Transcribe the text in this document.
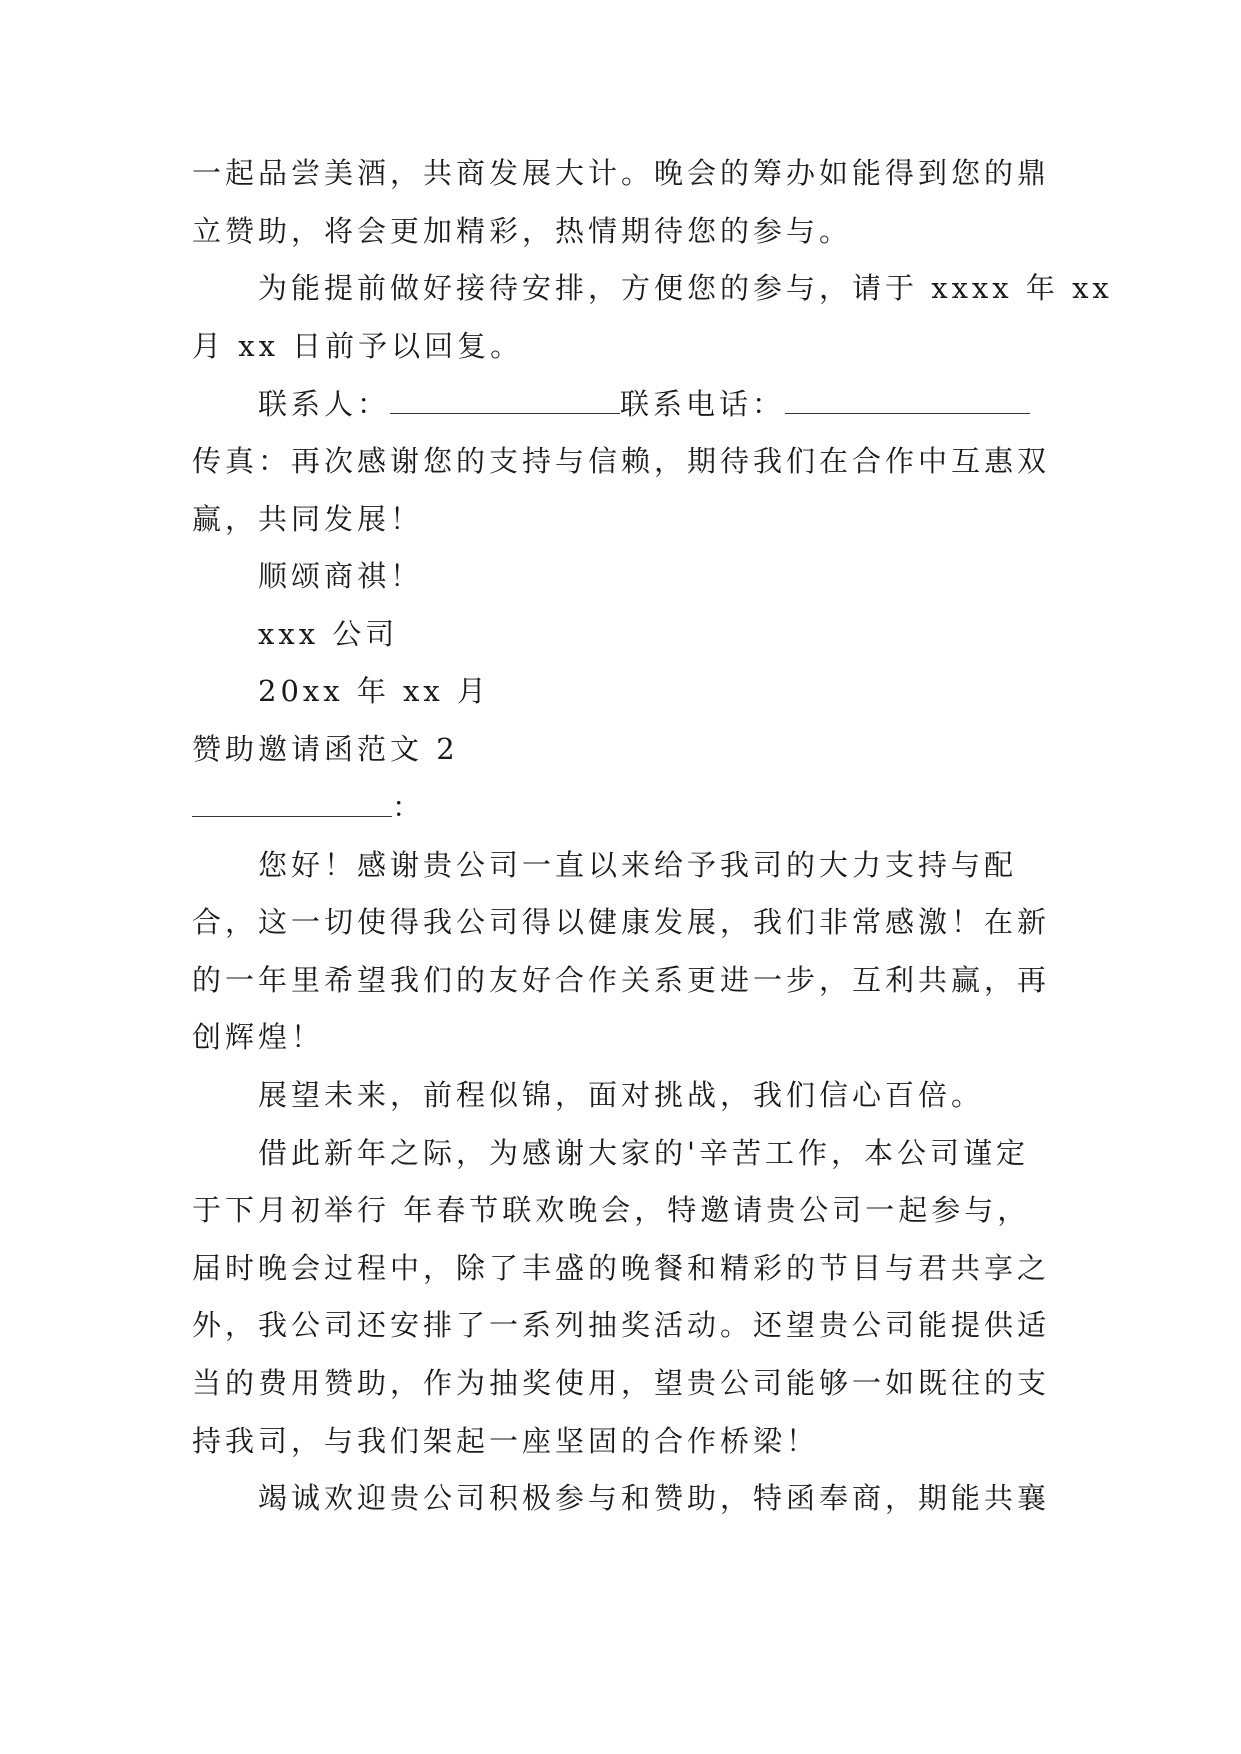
一起品尝美酒，共商发展大计。晚会的筹办如能得到您的鼎
立赞助，将会更加精彩，热情期待您的参与。
为能提前做好接待安排，方便您的参与，请于 xxxx 年 xx
月 xx 日前予以回复。
联系人：	联系电话：
传真：再次感谢您的支持与信赖，期待我们在合作中互惠双
赢，共同发展！
顺颂商祺！
xxx 公司
20xx 年 xx 月
赞助邀请函范文 2
：
您好！感谢贵公司一直以来给予我司的大力支持与配
合，这一切使得我公司得以健康发展，我们非常感激！在新
的一年里希望我们的友好合作关系更进一步，互利共赢，再
创辉煌！
展望未来，前程似锦，面对挑战，我们信心百倍。
借此新年之际，为感谢大家的'辛苦工作，本公司谨定
于下月初举行 年春节联欢晚会，特邀请贵公司一起参与，
届时晚会过程中，除了丰盛的晚餐和精彩的节目与君共享之
外，我公司还安排了一系列抽奖活动。还望贵公司能提供适
当的费用赞助，作为抽奖使用，望贵公司能够一如既往的支
持我司，与我们架起一座坚固的合作桥梁！
竭诚欢迎贵公司积极参与和赞助，特函奉商，期能共襄
